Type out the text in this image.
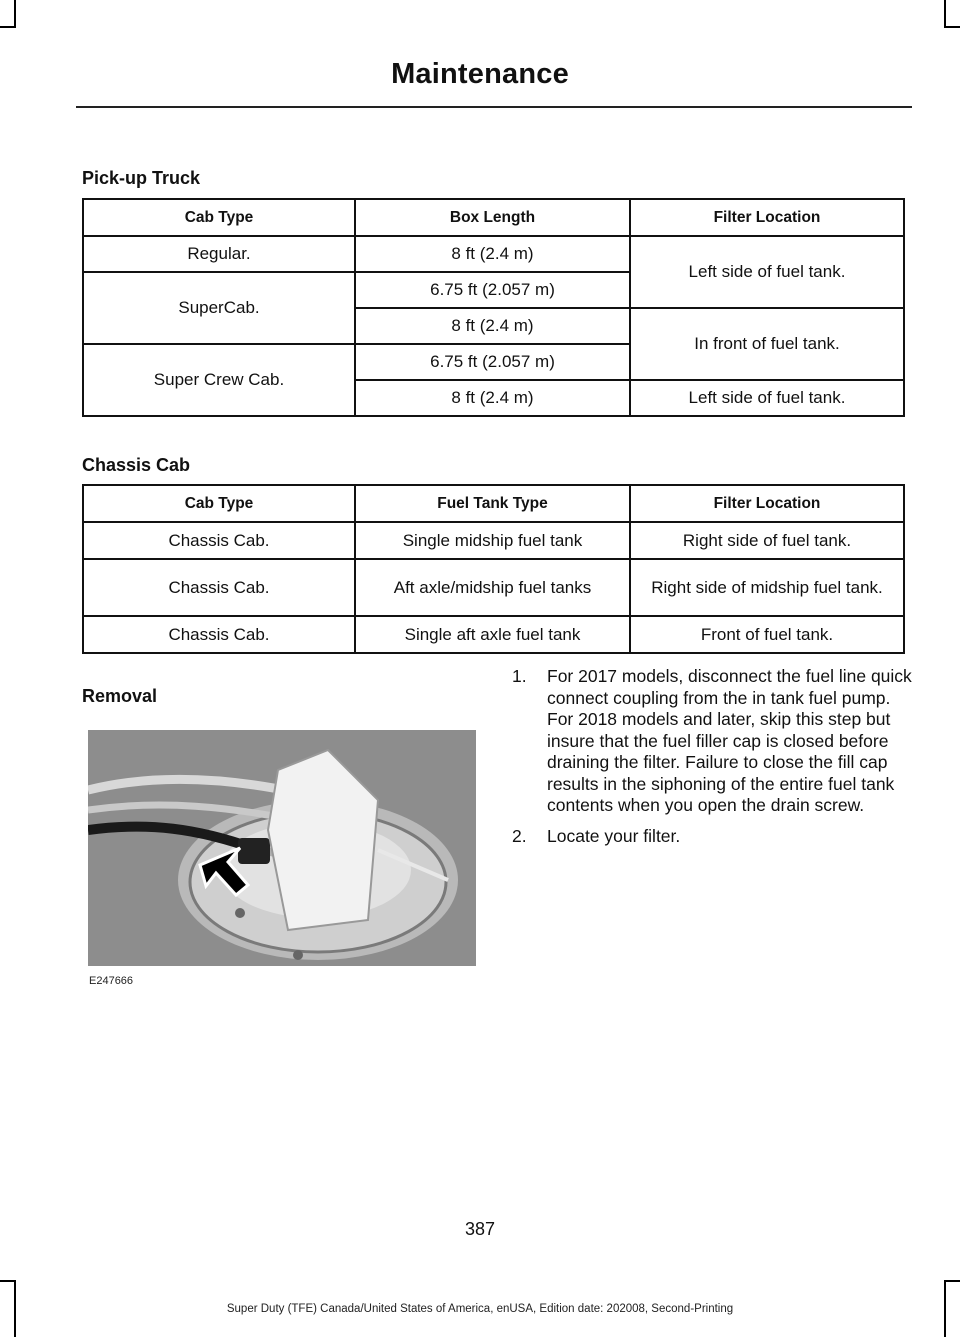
Maintenance
Pick-up Truck
Cab Type	Box Length	Filter Location
Regular.	8 ft (2.4 m)	Left side of fuel tank.
SuperCab.	6.75 ft (2.057 m)	
	8 ft (2.4 m)	In front of fuel tank.
Super Crew Cab.	6.75 ft (2.057 m)	
	8 ft (2.4 m)	Left side of fuel tank.
Chassis Cab
Cab Type	Fuel Tank Type	Filter Location
Chassis Cab.	Single midship fuel tank	Right side of fuel tank.
Chassis Cab.	Aft axle/midship fuel tanks	Right side of midship fuel tank.
Chassis Cab.	Single aft axle fuel tank	Front of fuel tank.
Removal
E247666
1.	For 2017 models, disconnect the fuel line quick connect coupling from the in tank fuel pump. For 2018 models and later, skip this step but insure that the fuel filler cap is closed before draining the filter. Failure to close the fill cap results in the siphoning of the entire fuel tank contents when you open the drain screw.
2.	Locate your filter.
387
Super Duty (TFE) Canada/United States of America, enUSA, Edition date: 202008, Second-Printing
